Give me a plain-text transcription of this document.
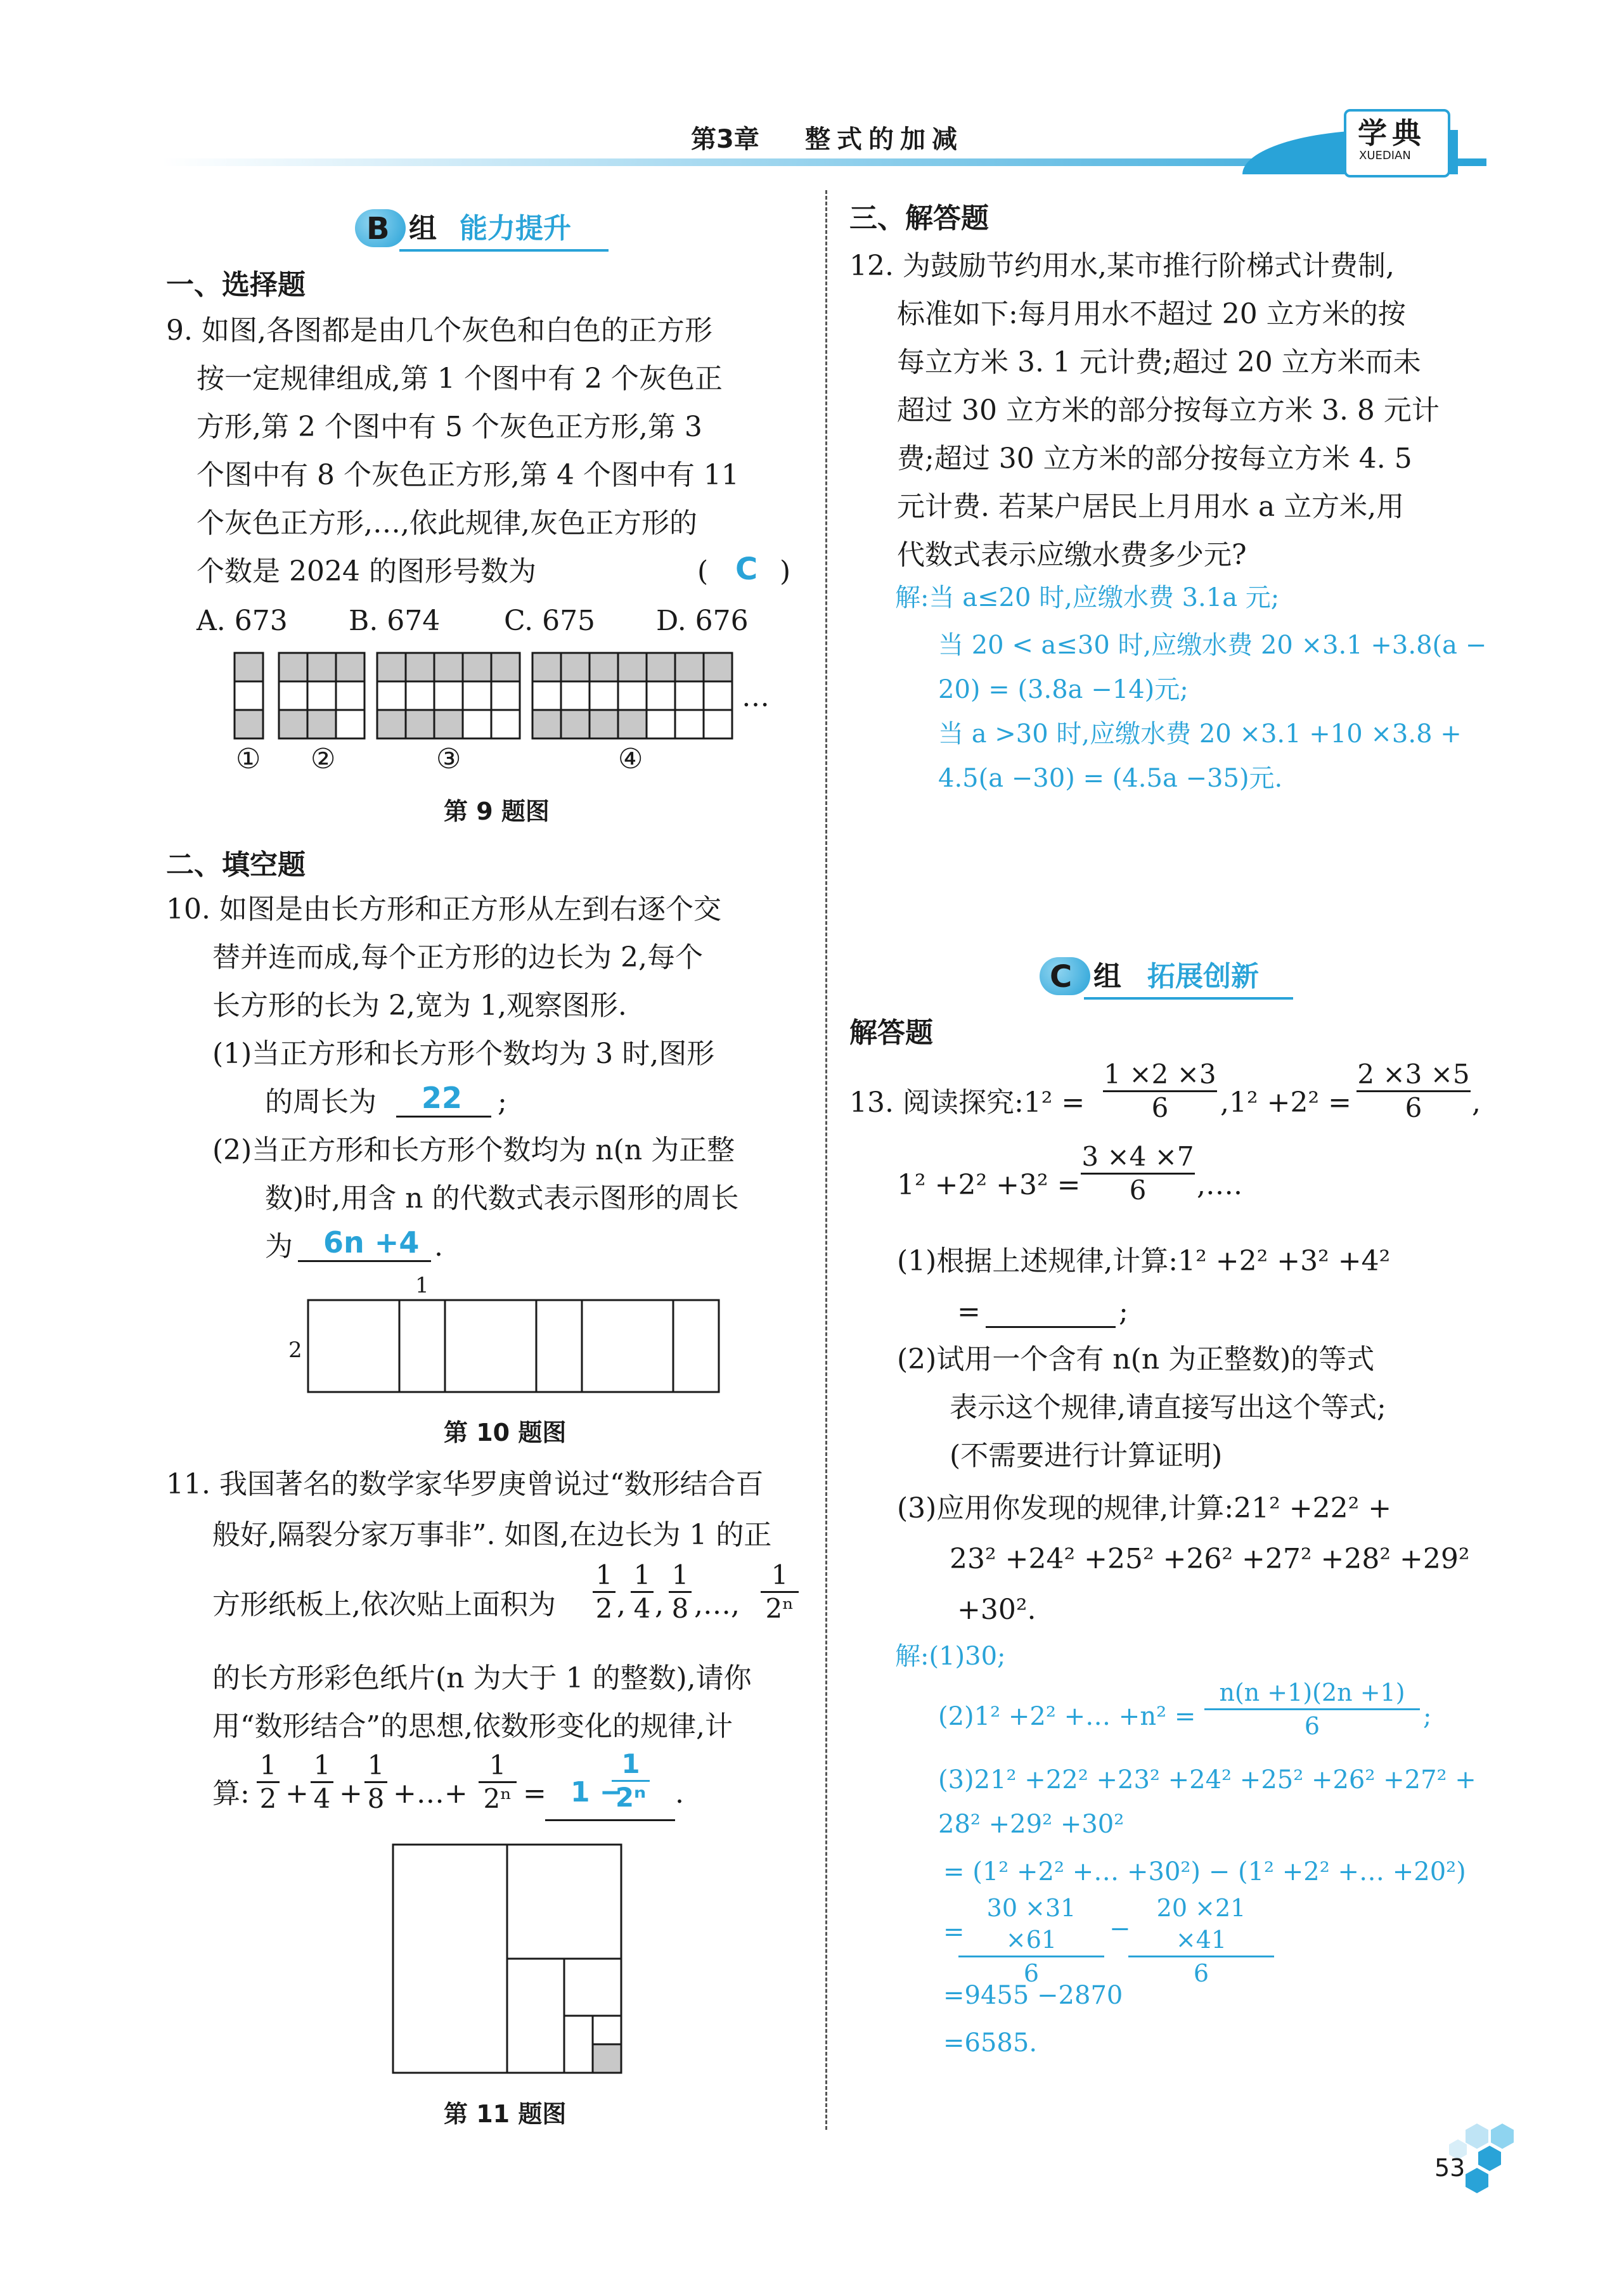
第3章 整式的加减	学典
XUEDIAN
B 组 能力提升
一、选择题
9. 如图,各图都是由几个灰色和白色的正方形
按一定规律组成,第 1 个图中有 2 个灰色正
方形,第 2 个图中有 5 个灰色正方形,第 3
个图中有 8 个灰色正方形,第 4 个图中有 11
个灰色正方形,…,依此规律,灰色正方形的
个数是 2024 的图形号数为	( C )
A. 673 B. 674 C. 675 D. 676
…
① ②	③	④
第 9 题图
二、填空题
10. 如图是由长方形和正方形从左到右逐个交
替并连而成,每个正方形的边长为 2,每个
长方形的长为 2,宽为 1,观察图形.
(1)当正方形和长方形个数均为 3 时,图形
的周长为 22 ;
(2)当正方形和长方形个数均为 n(n 为正整
数)时,用含 n 的代数式表示图形的周长
为 6n +4 .
1
2
第 10 题图
11. 我国著名的数学家华罗庚曾说过“数形结合百
般好,隔裂分家万事非”. 如图,在边长为 1 的正
方形纸板上,依次贴上面积为
1
2 ,
1
4 ,
1
8 ,…,
1
2ⁿ
的长方形彩色纸片(n 为大于 1 的整数),请你
用“数形结合”的思想,依数形变化的规律,计
算:
1
2 +
1
4 +
1
8 +…+
1
2ⁿ = 1 −
1
2ⁿ .
第 11 题图
三、解答题
12. 为鼓励节约用水,某市推行阶梯式计费制,
标准如下:每月用水不超过 20 立方米的按
每立方米 3. 1 元计费;超过 20 立方米而未
超过 30 立方米的部分按每立方米 3. 8 元计
费;超过 30 立方米的部分按每立方米 4. 5
元计费. 若某户居民上月用水 a 立方米,用
代数式表示应缴水费多少元?
解:当 a≤20 时,应缴水费 3.1a 元;
当 20 < a≤30 时,应缴水费 20 ×3.1 +3.8(a −
20) = (3.8a −14)元;
当 a >30 时,应缴水费 20 ×3.1 +10 ×3.8 +
4.5(a −30) = (4.5a −35)元.
C 组 拓展创新
解答题
13. 阅读探究:1² =
1 ×2 ×3
6	,1² +2² =
2 ×3 ×5
6	,
1² +2² +3² =
3 ×4 ×7
6	,….
(1)根据上述规律,计算:1² +2² +3² +4²
=	;
(2)试用一个含有 n(n 为正整数)的等式
表示这个规律,请直接写出这个等式;
(不需要进行计算证明)
(3)应用你发现的规律,计算:21² +22² +
23² +24² +25² +26² +27² +28² +29²
+30².
解:(1)30;
(2)1² +2² +… +n² =
n(n +1)(2n +1)
6	;
(3)21² +22² +23² +24² +25² +26² +27² +
28² +29² +30²
= (1² +2² +… +30²) − (1² +2² +… +20²)
=
30 ×31 ×61
6
−
20 ×21 ×41
6
=9455 −2870
=6585.
53
